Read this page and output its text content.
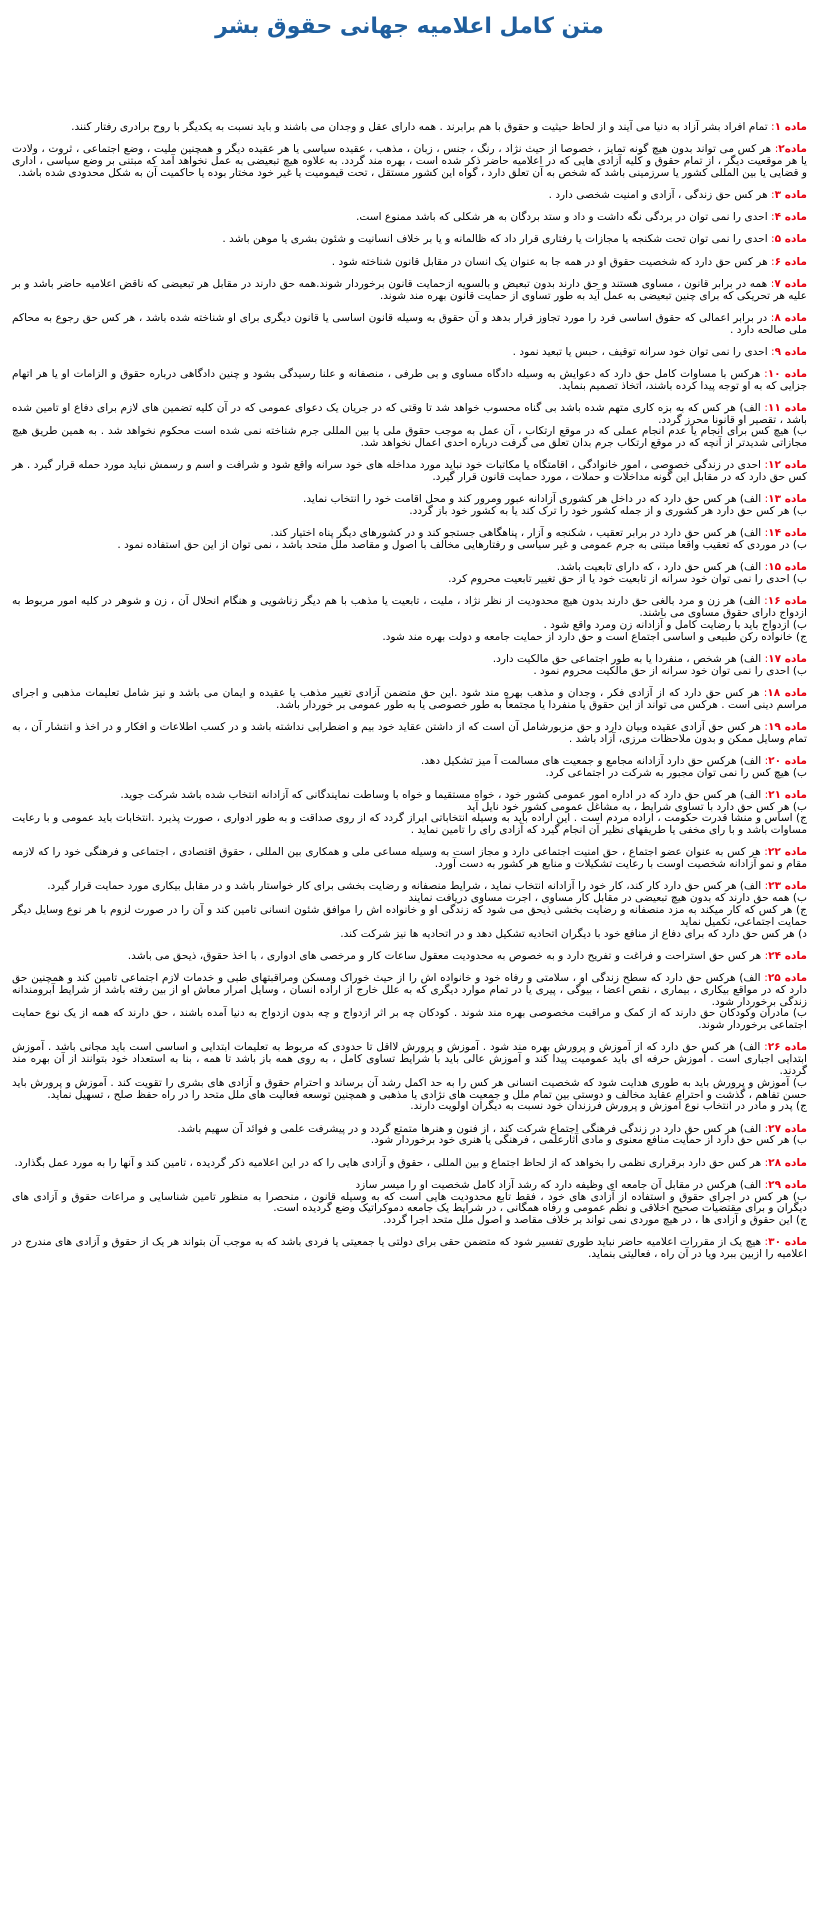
متن کامل اعلامیه جهانی حقوق بشر
ماده ۱: تمام افراد بشر آزاد به دنیا می آیند و از لحاظ حیثیت و حقوق با هم برابرند . همه دارای عقل و وجدان می باشند و باید نسبت به یکدیگر با روح برادری رفتار کنند.
ماده۲: هر کس می تواند بدون هیچ گونه تمایز ، خصوصا از حیث نژاد ، رنگ ، جنس ، زبان ، مذهب ، عقیده سیاسی یا هر عقیده دیگر و همچنین ملیت ، وضع اجتماعی ، ثروت ، ولادت یا هر موقعیت دیگر ، از تمام حقوق و کلیه آزادی هایی که در اعلامیه حاضر ذکر شده است ، بهره مند گردد. به علاوه هیچ تبعیضی به عمل نخواهد آمد که مبتنی بر وضع سیاسی ، اداری و قضایی یا بین المللی کشور یا سرزمینی باشد که شخص به آن تعلق دارد ، گواه این کشور مستقل ، تحت قیمومیت یا غیر خود مختار بوده یا حاکمیت آن به شکل محدودی شده باشد.
ماده ۳: هر کس حق زندگی ، آزادی و امنیت شخصی دارد .
ماده ۴: احدی را نمی توان در بردگی نگه داشت و داد و ستد بردگان به هر شکلی که باشد ممنوع است.
ماده ۵: احدی را نمی توان تحت شکنجه یا مجازات یا رفتاری قرار داد که ظالمانه و یا بر خلاف انسانیت و شئون بشری یا موهن باشد .
ماده ۶: هر کس حق دارد که شخصیت حقوق او در همه جا به عنوان یک انسان در مقابل قانون شناخته شود .
ماده ۷: همه در برابر قانون ، مساوی هستند و حق دارند بدون تبعیض و بالسویه ازحمایت قانون برخوردار شوند.همه حق دارند در مقابل هر تبعیضی که ناقض اعلامیه حاضر باشد و بر علیه هر تحریکی که برای چنین تبعیضی به عمل آید به طور تساوی از حمایت قانون بهره مند شوند.
ماده ۸: در برابر اعمالی که حقوق اساسی فرد را مورد تجاوز قرار بدهد و آن حقوق به وسیله قانون اساسی یا قانون دیگری برای او شناخته شده باشد ، هر کس حق رجوع به محاکم ملی صالحه دارد .
ماده ۹: احدی را نمی توان خود سرانه توقیف ، حبس یا تبعید نمود .
ماده ۱۰: هرکس با مساوات کامل حق دارد که دعوایش به وسیله دادگاه مساوی و بی طرفی ، منصفانه و علنا رسیدگی بشود و چنین دادگاهی درباره حقوق و الزامات او یا هر اتهام جزایی که به او توجه پیدا کرده باشند، اتخاذ تصمیم بنماید.
ماده ۱۱: الف) هر کس که به بزه کاری متهم شده باشد بی گناه محسوب خواهد شد تا وقتی که در جریان یک دعوای عمومی که در آن کلیه تضمین های لازم برای دفاع او تامین شده باشد ، تقصیر او قانونا محرز گردد.
ب) هیچ کس برای انجام یا عدم انجام عملی که در موقع ارتکاب ، آن عمل به موجب حقوق ملی یا بین المللی جرم شناخته نمی شده است محکوم نخواهد شد . به همین طریق هیچ مجازاتی شدیدتر از آنچه که در موقع ارتکاب جرم بدان تعلق می گرفت درباره احدی اعمال نخواهد شد.
ماده ۱۲: احدی در زندگی خصوصی ، امور خانوادگی ، اقامتگاه یا مکاتبات خود نباید مورد مداخله های خود سرانه واقع شود و شرافت و اسم و رسمش نباید مورد حمله قرار گیرد . هر کس حق دارد که در مقابل این گونه مداخلات و حملات ، مورد حمایت قانون قرار گیرد.
ماده ۱۳: الف) هر کس حق دارد که در داخل هر کشوری آزادانه عبور ومرور کند و محل اقامت خود را انتخاب نماید.
ب) هر کس حق دارد هر کشوری و از جمله کشور خود را ترک کند یا به کشور خود باز گردد.
ماده ۱۴: الف) هر کس حق دارد در برابر تعقیب ، شکنجه و آزار ، پناهگاهی جستجو کند و در کشورهای دیگر پناه اختیار کند.
ب) در موردی که تعقیب واقعا مبتنی به جرم عمومی و غیر سیاسی و رفتارهایی مخالف با اصول و مقاصد ملل متحد باشد ، نمی توان از این حق استفاده نمود .
ماده ۱۵: الف) هر کس حق دارد ، که دارای تابعیت باشد.
ب) احدی را نمی توان خود سرانه از تابعیت خود یا از حق تغییر تابعیت محروم کرد.
ماده ۱۶: الف) هر زن و مرد بالغی حق دارند بدون هیچ محدودیت از نظر نژاد ، ملیت ، تابعیت یا مذهب با هم دیگر زناشویی و هنگام انحلال آن ، زن و شوهر در کلیه امور مربوط به ازدواج دارای حقوق مساوی می باشند.
ب) ازدواج باید با رضایت کامل و آزادانه زن ومرد واقع شود .
ج) خانواده رکن طبیعی و اساسی اجتماع است و حق دارد از حمایت جامعه و دولت بهره مند شود.
ماده ۱۷: الف) هر شخص ، منفردا یا به طور اجتماعی حق مالکیت دارد.
ب) احدی را نمی توان خود سرانه از حق مالکیت محروم نمود .
ماده ۱۸: هر کس حق دارد که از آزادی فکر ، وجدان و مذهب بهره مند شود .این حق متضمن آزادی تغییر مذهب یا عقیده و ایمان می باشد و نیز شامل تعلیمات مذهبی و اجرای مراسم دینی است . هرکس می تواند از این حقوق یا منفردا یا مجتمعاً به طور خصوصی یا به طور عمومی بر خوردار باشد.
ماده ۱۹: هر کس حق آزادی عقیده وبیان دارد و حق مزبورشامل آن است که از داشتن عقاید خود بیم و اضطرابی نداشته باشد و در کسب اطلاعات و افکار و در اخذ و انتشار آن ، به تمام وسایل ممکن و بدون ملاحظات مرزی، آزاد باشد .
ماده ۲۰: الف) هرکس حق دارد آزادانه مجامع و جمعیت های مسالمت آ میز تشکیل دهد.
ب) هیچ کس را نمی توان مجبور به شرکت در اجتماعی کرد.
ماده ۲۱: الف) هر کس حق دارد که در اداره امور عمومی کشور خود ، خواه مستقیما و خواه با وساطت نمایندگانی که آزادانه انتخاب شده باشد شرکت جوید.
ب) هر کس حق دارد با تساوی شرایط ، به مشاغل عمومی کشور خود نایل آید
ج) اساس و منشا قدرت حکومت ، اراده مردم است . این اراده باید به وسیله انتخاباتی ابراز گردد که از روی صداقت و به طور ادواری ، صورت پذیرد .انتخابات باید عمومی و با رعایت مساوات باشد و با رای مخفی یا طریقهای نظیر آن انجام گیرد که آزادی رای را تامین نماید .
ماده ۲۲: هر کس به عنوان عضو اجتماع ، حق امنیت اجتماعی دارد و مجاز است به وسیله مساعی ملی و همکاری بین المللی ، حقوق اقتصادی ، اجتماعی و فرهنگی خود را که لازمه مقام و نمو آزادانه شخصیت اوست با رعایت تشکیلات و منابع هر کشور به دست آورد.
ماده ۲۳: الف) هر کس حق دارد کار کند، کار خود را آزادانه انتخاب نماید ، شرایط منصفانه و رضایت بخشی برای کار خواستار باشد و در مقابل بیکاری مورد حمایت قرار گیرد.
ب) همه حق دارند که بدون هیچ تبعیضی در مقابل کار مساوی ، اجرت مساوی دریافت نمایند
ج) هر کس که کار میکند به مزد منصفانه و رضایت بخشی ذیحق می شود که زندگی او و خانواده اش را موافق شئون انسانی تامین کند و آن را در صورت لزوم با هر نوع وسایل دیگر حمایت اجتماعی، تکمیل نماید
د) هر کس حق دارد که برای دفاع از منافع خود با دیگران اتحادیه تشکیل دهد و در اتحادیه ها نیز شرکت کند.
ماده ۲۴: هر کس حق استراحت و فراغت و تفریح دارد و به خصوص به محدودیت معقول ساعات کار و مرخصی های ادواری ، با اخذ حقوق، ذیحق می باشد.
ماده ۲۵: الف) هرکس حق دارد که سطح زندگی او ، سلامتی و رفاه خود و خانواده اش را از حیث خوراک ومسکن ومراقبتهای طبی و خدمات لازم اجتماعی تامین کند و همچنین حق دارد که در مواقع بیکاری ، بیماری ، نقص اعضا ، بیوگی ، پیری یا در تمام موارد دیگری که به علل خارج از اراده انسان ، وسایل امرار معاش او از بین رفته باشد از شرایط آبرومندانه زندگی برخوردار شود.
ب) مادران وکودکان حق دارند که از کمک و مراقبت مخصوصی بهره مند شوند . کودکان چه بر اثر ازدواج و چه بدون ازدواج به دنیا آمده باشند ، حق دارند که همه از یک نوع حمایت اجتماعی برخوردار شوند.
ماده ۲۶: الف) هر کس حق دارد که از آموزش و پرورش بهره مند شود . آموزش و پرورش لااقل تا حدودی که مربوط به تعلیمات ابتدایی و اساسی است باید مجانی باشد . آموزش ابتدایی اجباری است . آموزش حرفه ای باید عمومیت پیدا کند و آموزش عالی باید با شرایط تساوی کامل ، به روی همه باز باشد تا همه ، بنا به استعداد خود بتوانند از آن بهره مند گردند.
ب) آموزش و پرورش باید به طوری هدایت شود که شخصیت انسانی هر کس را به حد اکمل رشد آن برساند و احترام حقوق و آزادی های بشری را تقویت کند . آموزش و پرورش باید حسن تفاهم ، گذشت و احترام عقاید مخالف و دوستی بین تمام ملل و جمعیت های نژادی یا مذهبی و همچنین توسعه فعالیت های ملل متحد را در راه حفظ صلح ، تسهیل نماید.
ج) پدر و مادر در انتخاب نوع آموزش و پرورش فرزندان خود نسبت به دیگران اولویت دارند.
ماده ۲۷: الف) هر کس حق دارد در زندگی فرهنگی اجتماع شرکت کند ، از فنون و هنرها متمتع گردد و در پیشرفت علمی و فوائد آن سهیم باشد.
ب) هر کس حق دارد از حمایت منافع معنوی و مادی آثارعلمی ، فرهنگی یا هنری خود برخوردار شود.
ماده ۲۸: هر کس حق دارد برقراری نظمی را بخواهد که از لحاظ اجتماع و بین المللی ، حقوق و آزادی هایی را که در این اعلامیه ذکر گردیده ، تامین کند و آنها را به مورد عمل بگذارد.
ماده ۲۹: الف) هرکس در مقابل آن جامعه ای وظیفه دارد که رشد آزاد کامل شخصیت او را میسر سازد
ب) هر کس در اجرای حقوق و استفاده از آزادی های خود ، فقط تابع محدودیت هایی است که به وسیله قانون ، منحصرا به منظور تامین شناسایی و مراعات حقوق و آزادی های دیگران و برای مقتضیات صحیح اخلاقی و نظم عمومی و رفاه همگانی ، در شرایط یک جامعه دموکراتیک وضع گردیده است.
ج) این حقوق و آزادی ها ، در هیچ موردی نمی تواند بر خلاف مقاصد و اصول ملل متحد اجرا گردد.
ماده ۳۰: هیچ یک از مقررات اعلامیه حاضر نباید طوری تفسیر شود که متضمن حقی برای دولتی یا جمعیتی یا فردی باشد که به موجب آن بتواند هر یک از حقوق و آزادی های مندرج در اعلامیه را ازبین ببرد ویا در آن راه ، فعالیتی بنماید.
